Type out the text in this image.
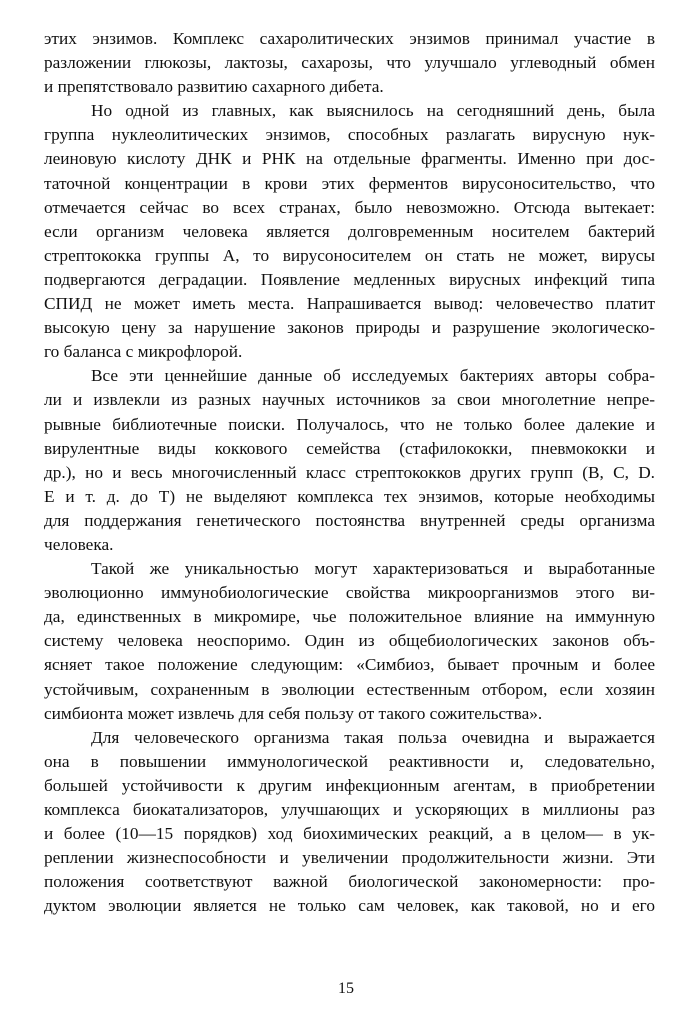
этих энзимов. Комплекс сахаролитических энзимов принимал участие в
разложении глюкозы, лактозы, сахарозы, что улучшало углеводный обмен
и препятствовало развитию сахарного дибета.
Но одной из главных, как выяснилось на сегодняшний день, была
группа нуклеолитических энзимов, способных разлагать вирусную нук-
леиновую кислоту ДНК и РНК на отдельные фрагменты. Именно при дос-
таточной концентрации в крови этих ферментов вирусоносительство, что
отмечается сейчас во всех странах, было невозможно. Отсюда вытекает:
если организм человека является долговременным носителем бактерий
стрептококка группы А, то вирусоносителем он стать не может, вирусы
подвергаются деградации. Появление медленных вирусных инфекций типа
СПИД не может иметь места. Напрашивается вывод: человечество платит
высокую цену за нарушение законов природы и разрушение экологическо-
го баланса с микрофлорой.
Все эти ценнейшие данные об исследуемых бактериях авторы собра-
ли и извлекли из разных научных источников за свои многолетние непре-
рывные библиотечные поиски. Получалось, что не только более далекие и
вирулентные виды коккового семейства (стафилококки, пневмококки и
др.), но и весь многочисленный класс стрептококков других групп (В, С, D.
Е и т. д. до Т) не выделяют комплекса тех энзимов, которые необходимы
для поддержания генетического постоянства внутренней среды организма
человека.
Такой же уникальностью могут характеризоваться и выработанные
эволюционно иммунобиологические свойства микроорганизмов этого ви-
да, единственных в микромире, чье положительное влияние на иммунную
систему человека неоспоримо. Один из общебиологических законов объ-
ясняет такое положение следующим: «Симбиоз, бывает прочным и более
устойчивым, сохраненным в эволюции естественным отбором, если хозяин
симбионта может извлечь для себя пользу от такого сожительства».
Для человеческого организма такая польза очевидна и выражается
она в повышении иммунологической реактивности и, следовательно,
большей устойчивости к другим инфекционным агентам, в приобретении
комплекса биокатализаторов, улучшающих и ускоряющих в миллионы раз
и более (10—15 порядков) ход биохимических реакций, а в целом— в ук-
реплении жизнеспособности и увеличении продолжительности жизни. Эти
положения соответствуют важной биологической закономерности: про-
дуктом эволюции является не только сам человек, как таковой, но и его
15
